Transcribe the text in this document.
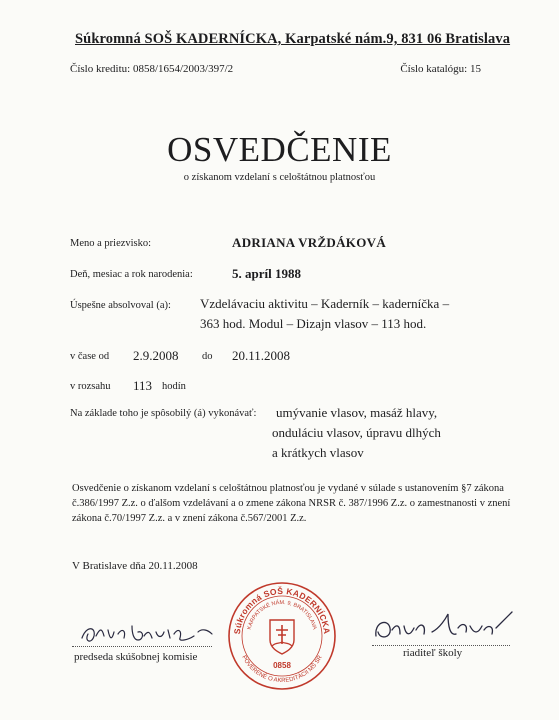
Súkromná SOŠ KADERNÍCKA, Karpatské nám.9, 831 06 Bratislava
Číslo kreditu: 0858/1654/2003/397/2	Číslo katalógu: 15
OSVEDČENIE
o získanom vzdelaní s celoštátnou platnosťou
Meno a priezvisko:	ADRIANA VRŽDÁKOVÁ
Deň, mesiac a rok narodenia:	5. apríl 1988
Úspešne absolvoval (a): Vzdelávaciu aktivitu – Kaderník – kaderníčka –
363 hod. Modul – Dizajn vlasov – 113 hod.
v čase od 2.9.2008 do 20.11.2008
v rozsahu 113 hodín
Na základe toho je spôsobilý (á) vykonávať: umývanie vlasov, masáž hlavy,
onduláciu vlasov, úpravu dlhých
a krátkych vlasov
Osvedčenie o získanom vzdelaní s celoštátnou platnosťou je vydané v súlade s ustanovením §7 zákona č.386/1997 Z.z. o ďalšom vzdelávaní a o zmene zákona NRSR č. 387/1996 Z.z. o zamestnanosti v znení zákona č.70/1997 Z.z. a v znení zákona č.567/2001 Z.z.
V Bratislave dňa 20.11.2008
predseda skúšobnej komisie	riaditeľ školy
Súkromná SOŠ KADERNÍCKA
KARPATSKÉ NÁM. 9, BRATISLAVA
POVERENÉ O AKREDITÁCII MŠ SR
0858
